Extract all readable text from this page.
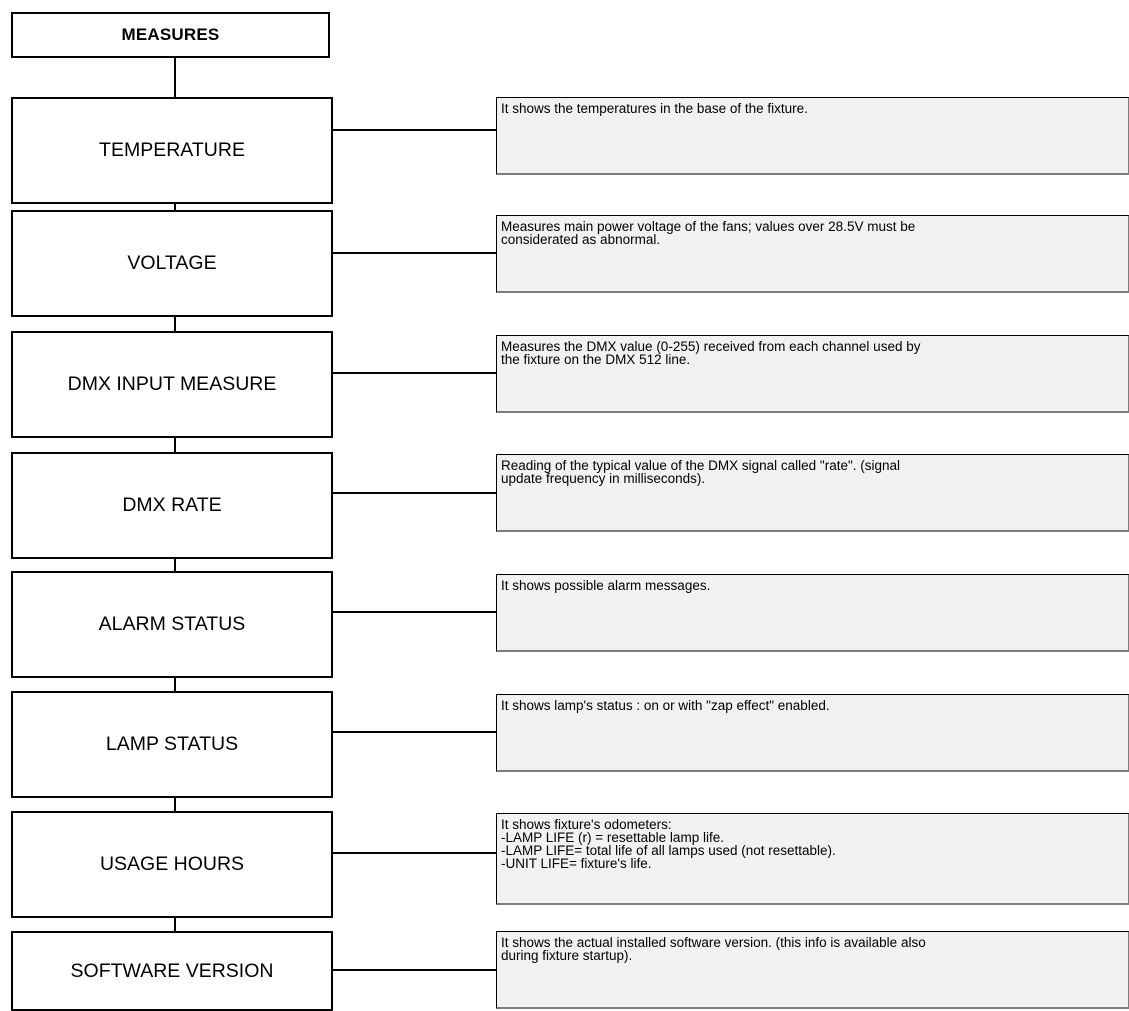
MEASURES
TEMPERATURE
VOLTAGE
DMX INPUT MEASURE
DMX RATE
ALARM STATUS
LAMP STATUS
USAGE HOURS
SOFTWARE VERSION
It shows the temperatures in the base of the fixture.
Measures main power voltage of the fans; values over 28.5V must be
considerated as abnormal.
Measures the DMX value (0-255) received from each channel used by
the fixture on the DMX 512 line.
Reading of the typical value of the DMX signal called "rate". (signal
update frequency in milliseconds).
It shows possible alarm messages.
It shows lamp's status : on or with "zap effect" enabled.
It shows fixture's odometers:
-LAMP LIFE (r) = resettable lamp life.
-LAMP LIFE= total life of all lamps used (not resettable).
-UNIT LIFE= fixture's life.
It shows the actual installed software version. (this info is available also
during fixture startup).
